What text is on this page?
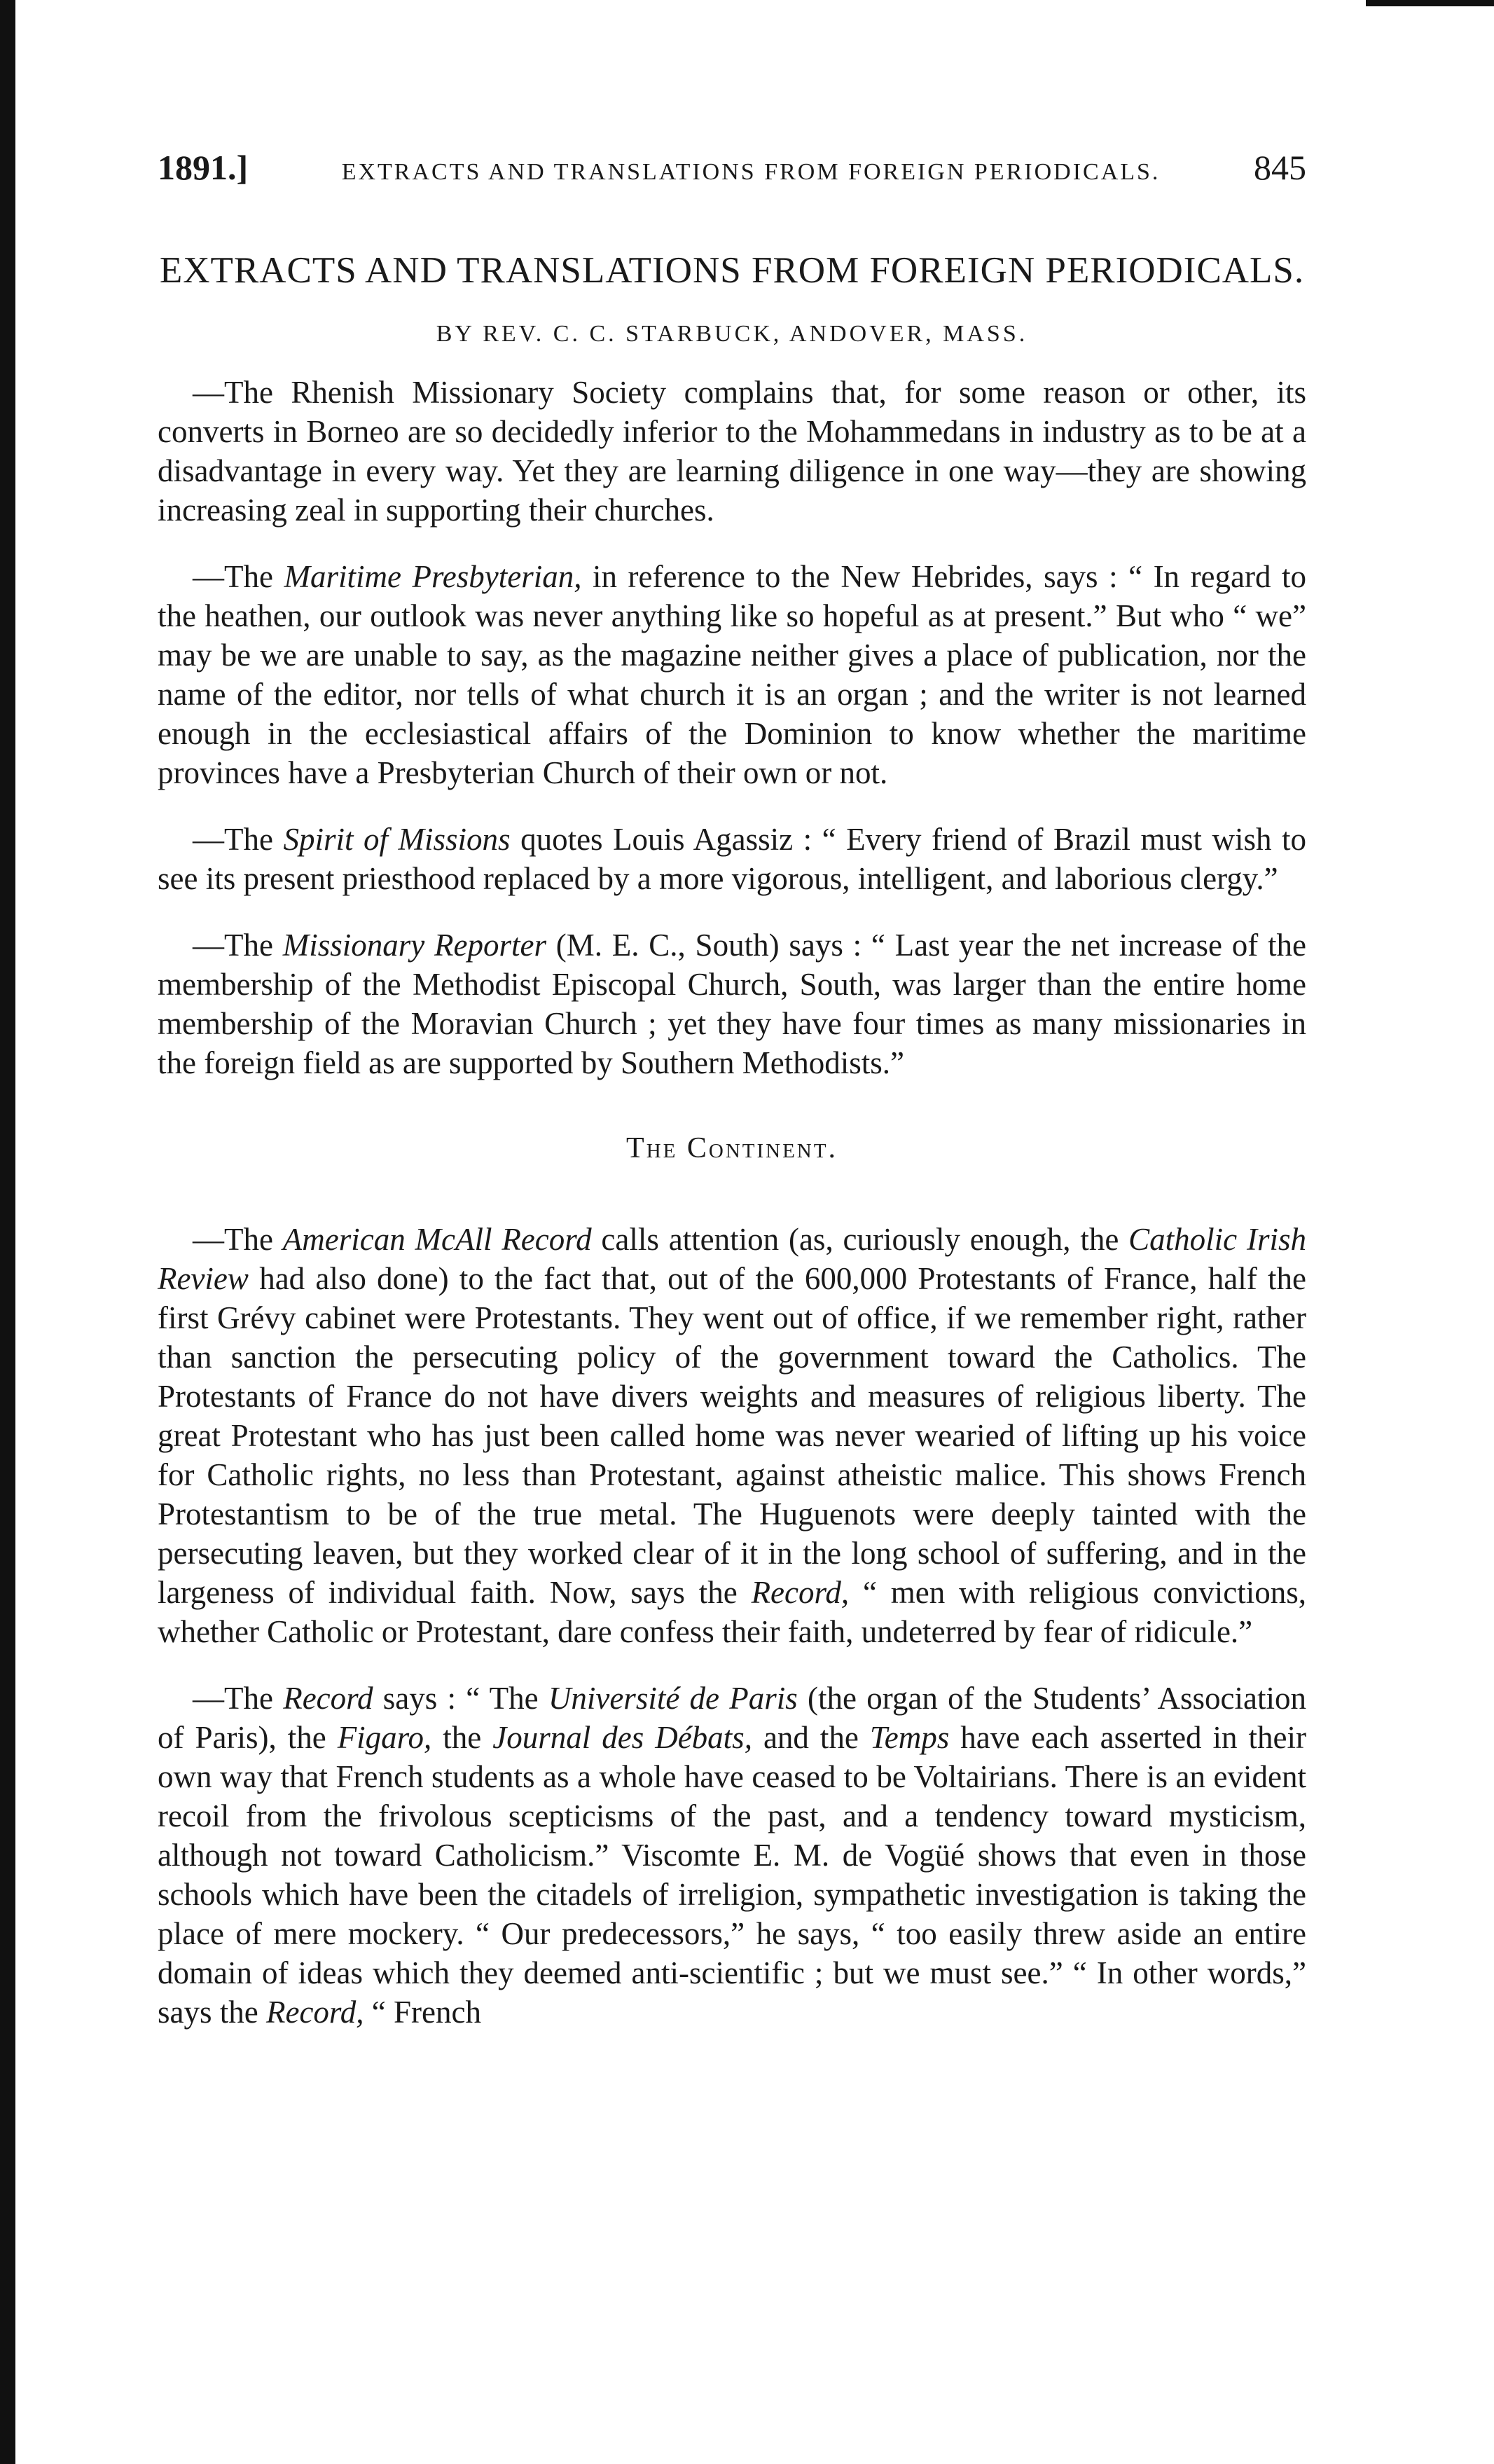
1891.]	EXTRACTS AND TRANSLATIONS FROM FOREIGN PERIODICALS.	845
EXTRACTS AND TRANSLATIONS FROM FOREIGN PERIODICALS.
BY REV. C. C. STARBUCK, ANDOVER, MASS.

—The Rhenish Missionary Society complains that, for some reason or other, its converts in Borneo are so decidedly inferior to the Mohammedans in industry as to be at a disadvantage in every way. Yet they are learning diligence in one way—they are showing increasing zeal in supporting their churches.

—The Maritime Presbyterian, in reference to the New Hebrides, says : “ In regard to the heathen, our outlook was never anything like so hopeful as at present.” But who “ we” may be we are unable to say, as the magazine neither gives a place of publication, nor the name of the editor, nor tells of what church it is an organ ; and the writer is not learned enough in the ecclesiastical affairs of the Dominion to know whether the maritime provinces have a Presbyterian Church of their own or not.

—The Spirit of Missions quotes Louis Agassiz : “ Every friend of Brazil must wish to see its present priesthood replaced by a more vigorous, intelligent, and laborious clergy.”

—The Missionary Reporter (M. E. C., South) says : “ Last year the net increase of the membership of the Methodist Episcopal Church, South, was larger than the entire home membership of the Moravian Church ; yet they have four times as many missionaries in the foreign field as are supported by Southern Methodists.”

The Continent.

—The American McAll Record calls attention (as, curiously enough, the Catholic Irish Review had also done) to the fact that, out of the 600,000 Protestants of France, half the first Grévy cabinet were Protestants. They went out of office, if we remember right, rather than sanction the persecuting policy of the government toward the Catholics. The Protestants of France do not have divers weights and measures of religious liberty. The great Protestant who has just been called home was never wearied of lifting up his voice for Catholic rights, no less than Protestant, against atheistic malice. This shows French Protestantism to be of the true metal. The Huguenots were deeply tainted with the persecuting leaven, but they worked clear of it in the long school of suffering, and in the largeness of individual faith. Now, says the Record, “ men with religious convictions, whether Catholic or Protestant, dare confess their faith, undeterred by fear of ridicule.”

—The Record says : “ The Université de Paris (the organ of the Students’ Association of Paris), the Figaro, the Journal des Débats, and the Temps have each asserted in their own way that French students as a whole have ceased to be Voltairians. There is an evident recoil from the frivolous scepticisms of the past, and a tendency toward mysticism, although not toward Catholicism.” Viscomte E. M. de Vogüé shows that even in those schools which have been the citadels of irreligion, sympathetic investigation is taking the place of mere mockery. “ Our predecessors,” he says, “ too easily threw aside an entire domain of ideas which they deemed anti-scientific ; but we must see.” “ In other words,” says the Record, “ French
